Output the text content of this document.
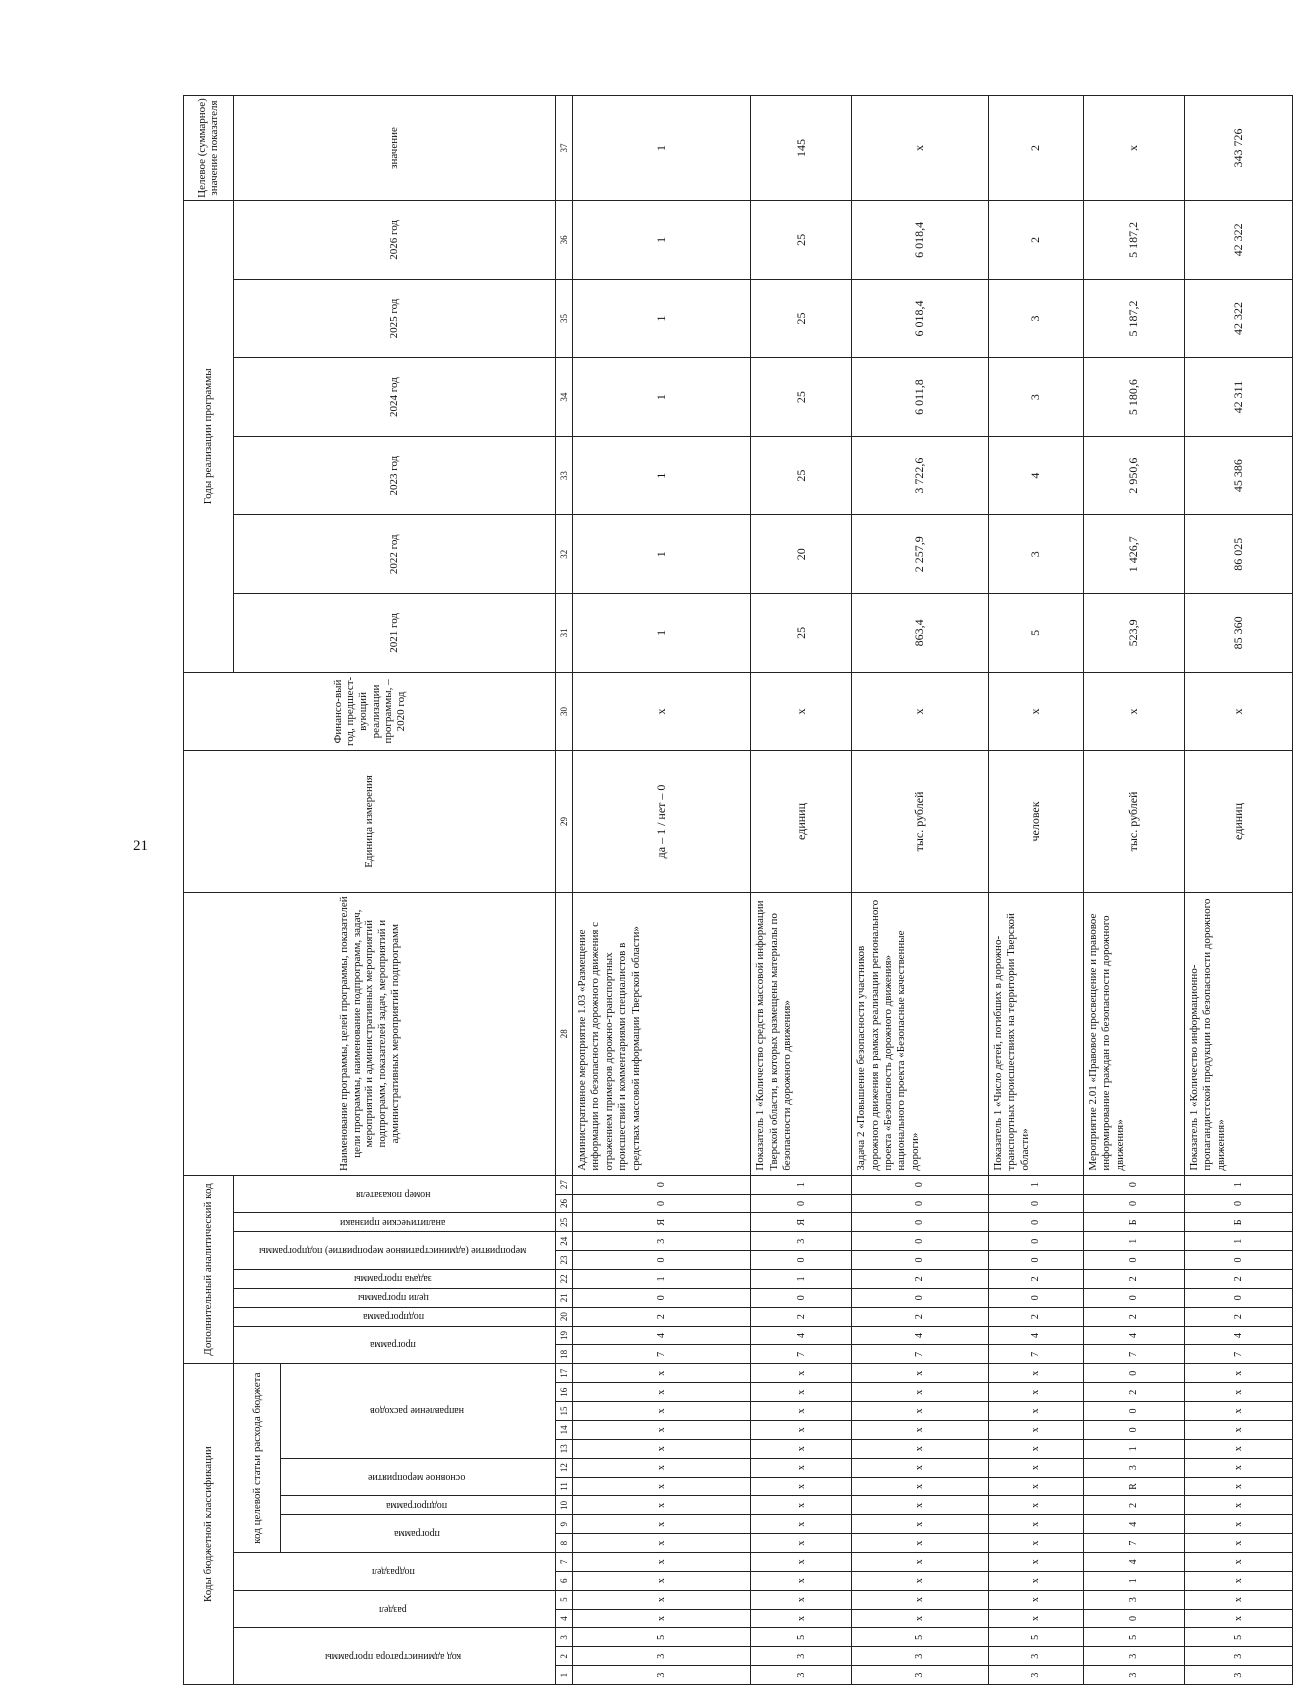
21
Коды бюджетной классификации																	Дополнительный аналитический код										Наименование программы, целей программы, показателей цели программы, наименование подпрограмм, задач, мероприятий и административных мероприятий подпрограмм, показателей задач, мероприятий и административных мероприятий подпрограмм	Единица измерения	Финансо-вый год, предшест-вующий реализации программы, – 2020 год	Годы реализации программы						Целевое (суммарное) значение показателя
код администратора программы			раздел		подраздел		код целевой статьи расхода бюджета										программа		подпрограмма	цели программы	задача программы	мероприятие (административное мероприятие) подпрограммы		аналитические признаки	номер показателя					2021 год	2022 год	2023 год	2024 год	2025 год	2026 год	значение
							программа		подпрограмма	основное мероприятие		направление расходов																								

1	2	3	4	5	6	7	8	9	10	11	12	13	14	15	16	17	18	19	20	21	22	23	24	25	26	27	28	29	30	31	32	33	34	35	36	37
3	3	5	х	х	х	х	х	х	х	х	х	х	х	х	х	х	7	4	2	0	1	0	3	Я	0	0	Административное мероприятие 1.03 «Размещение информации по безопасности дорожного движения с отражением примеров дорожно-транспортных происшествий и комментариями специалистов в средствах массовой информации Тверской области»	да – 1 / нет – 0	х	1	1	1	1	1	1	1
3	3	5	х	х	х	х	х	х	х	х	х	х	х	х	х	х	7	4	2	0	1	0	3	Я	0	1	Показатель 1 «Количество средств массовой информации Тверской области, в которых размещены материалы по безопасности дорожного движения»	единиц	х	25	20	25	25	25	25	145
3	3	5	х	х	х	х	х	х	х	х	х	х	х	х	х	х	7	4	2	0	2	0	0	0	0	0	Задача 2 «Повышение безопасности участников дорожного движения в рамках реализации регионального проекта «Безопасность дорожного движения» национального проекта «Безопасные качественные дороги»	тыс. рублей	х	863,4	2 257,9	3 722,6	6 011,8	6 018,4	6 018,4	х
3	3	5	х	х	х	х	х	х	х	х	х	х	х	х	х	х	7	4	2	0	2	0	0	0	0	1	Показатель 1 «Число детей, погибших в дорожно-транспортных происшествиях на территории Тверской области»	человек	х	5	3	4	3	3	2	2
3	3	5	0	3	1	4	7	4	2	R	3	1	0	0	2	0	7	4	2	0	2	0	1	Б	0	0	Мероприятие 2.01 «Правовое просвещение и правовое информирование граждан по безопасности дорожного движения»	тыс. рублей	х	523,9	1 426,7	2 950,6	5 180,6	5 187,2	5 187,2	х
3	3	5	х	х	х	х	х	х	х	х	х	х	х	х	х	х	7	4	2	0	2	0	1	Б	0	1	Показатель 1 «Количество информационно-пропагандистской продукции по безопасности дорожного движения»	единиц	х	85 360	86 025	45 386	42 311	42 322	42 322	343 726
